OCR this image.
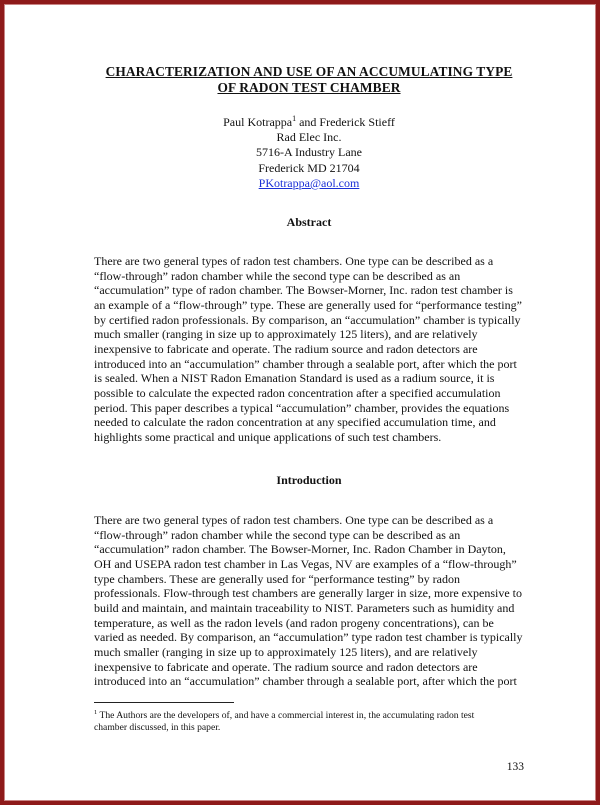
CHARACTERIZATION AND USE OF AN ACCUMULATING TYPE
OF RADON TEST CHAMBER
Paul Kotrappa$^1$ and Frederick Stieff
Rad Elec Inc.
5716-A Industry Lane
Frederick MD 21704
PKotrappa@aol.com
Abstract
There are two general types of radon test chambers. One type can be described as a
“flow-through” radon chamber while the second type can be described as an
“accumulation” type of radon chamber. The Bowser-Morner, Inc. radon test chamber is
an example of a “flow-through” type. These are generally used for “performance testing”
by certified radon professionals. By comparison, an “accumulation” chamber is typically
much smaller (ranging in size up to approximately 125 liters), and are relatively
inexpensive to fabricate and operate. The radium source and radon detectors are
introduced into an “accumulation” chamber through a sealable port, after which the port
is sealed. When a NIST Radon Emanation Standard is used as a radium source, it is
possible to calculate the expected radon concentration after a specified accumulation
period. This paper describes a typical “accumulation” chamber, provides the equations
needed to calculate the radon concentration at any specified accumulation time, and
highlights some practical and unique applications of such test chambers.
Introduction
There are two general types of radon test chambers. One type can be described as a
“flow-through” radon chamber while the second type can be described as an
“accumulation” radon chamber. The Bowser-Morner, Inc. Radon Chamber in Dayton,
OH and USEPA radon test chamber in Las Vegas, NV are examples of a “flow-through”
type chambers. These are generally used for “performance testing” by radon
professionals. Flow-through test chambers are generally larger in size, more expensive to
build and maintain, and maintain traceability to NIST. Parameters such as humidity and
temperature, as well as the radon levels (and radon progeny concentrations), can be
varied as needed. By comparison, an “accumulation” type radon test chamber is typically
much smaller (ranging in size up to approximately 125 liters), and are relatively
inexpensive to fabricate and operate. The radium source and radon detectors are
introduced into an “accumulation” chamber through a sealable port, after which the port
$^1$ The Authors are the developers of, and have a commercial interest in, the accumulating radon test
chamber discussed, in this paper.
133
